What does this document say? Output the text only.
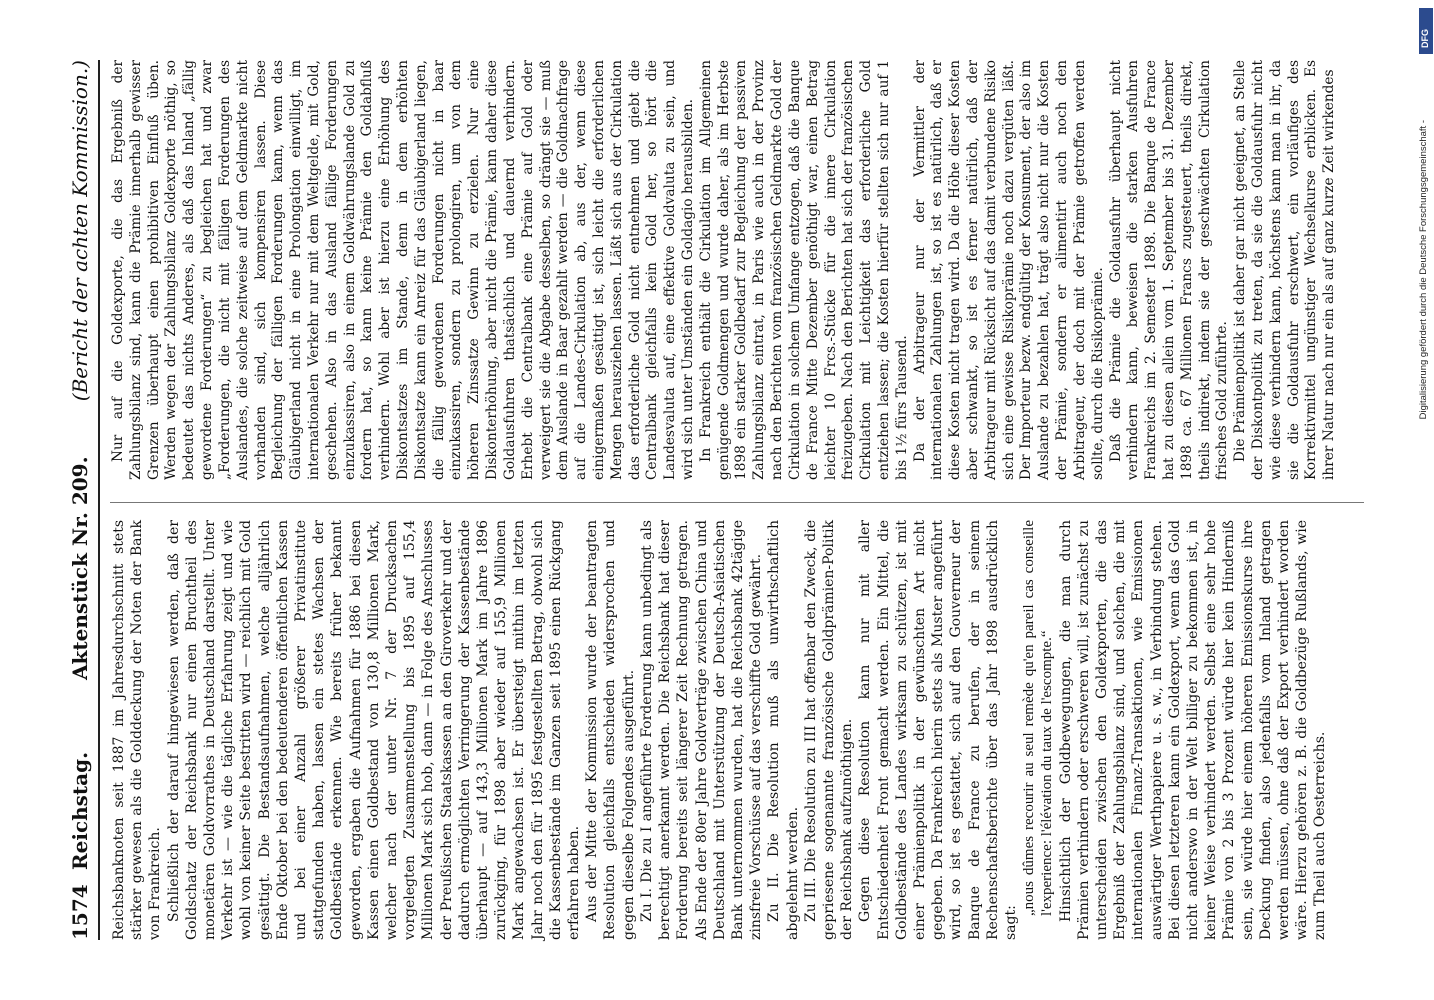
1574
Reichstag.
Aktenstück Nr. 209.
(Bericht der achten Kommission.)

Reichsbanknoten seit 1887 im Jahresdurchschnitt stets stärker gewesen als die Golddeckung der Noten der Bank von Frankreich. Schließlich der darauf hingewiesen werden, daß der Goldschatz der Reichsbank nur einen Bruchtheil des monetären Goldvorrathes in Deutschland darstellt. Unter Verkehr ist — wie die tägliche Erfahrung zeigt und wie wohl von keiner Seite bestritten wird — reichlich mit Gold gesättigt. Die Bestandsaufnahmen, welche alljährlich Ende Oktober bei den bedeutenderen öffentlichen Kassen und bei einer Anzahl größerer Privatinstitute stattgefunden haben, lassen ein stetes Wachsen der Goldbestände erkennen. Wie bereits früher bekannt geworden, ergaben die Aufnahmen für 1886 bei diesen Kassen einen Goldbestand von 130,8 Millionen Mark, welcher nach der unter Nr. 7 der Drucksachen vorgelegten Zusammenstellung bis 1895 auf 155,4 Millionen Mark sich hob, dann — in Folge des Anschlusses der Preußischen Staatskassen an den Giroverkehr und der dadurch ermöglichten Verringerung der Kassenbestände überhaupt — auf 143,3 Millionen Mark im Jahre 1896 zurückging, für 1898 aber wieder auf 155,9 Millionen Mark angewachsen ist. Er übersteigt mithin im letzten Jahr noch den für 1895 festgestellten Betrag, obwohl sich die Kassenbestände im Ganzen seit 1895 einen Rückgang erfahren haben. Aus der Mitte der Kommission wurde der beantragten Resolution gleichfalls entschieden widersprochen und gegen dieselbe Folgendes ausgeführt. Zu I. Die zu I angeführte Forderung kann unbedingt als berechtigt anerkannt werden. Die Reichsbank hat dieser Forderung bereits seit längerer Zeit Rechnung getragen. Als Ende der 80er Jahre Goldverträge zwischen China und Deutschland mit Unterstützung der Deutsch-Asiatischen Bank unternommen wurden, hat die Reichsbank 42tägige zinsfreie Vorschüsse auf das verschiffte Gold gewährt. Zu II. Die Resolution muß als unwirthschaftlich abgelehnt werden. Zu III. Die Resolution zu III hat offenbar den Zweck, die gepriesene sogenannte französische Goldprämien-Politik der Reichsbank aufzunöthigen. Gegen diese Resolution kann nur mit aller Entschiedenheit Front gemacht werden. Ein Mittel, die Goldbestände des Landes wirksam zu schützen, ist mit einer Prämienpolitik in der gewünschten Art nicht gegeben. Da Frankreich hierin stets als Muster angeführt wird, so ist es gestattet, sich auf den Gouverneur der Banque de France zu berufen, der in seinem Rechenschaftsberichte über das Jahr 1898 ausdrücklich sagt:

„nous dûmes recourir au seul remède qu'en pareil cas conseille l'experience: l'élévation du taux de l'escompte.“ Hinsichtlich der Goldbewegungen, die man durch Prämien verhindern oder erschweren will, ist zunächst zu unterscheiden zwischen den Goldexporten, die das Ergebniß der Zahlungsbilanz sind, und solchen, die mit internationalen Finanz-Transaktionen, wie Emissionen auswärtiger Werthpapiere u. s. w., in Verbindung stehen. Bei diesen letzteren kann ein Goldexport, wenn das Gold nicht anderswo in der Welt billiger zu bekommen ist, in keiner Weise verhindert werden. Selbst eine sehr hohe Prämie von 2 bis 3 Prozent würde hier kein Hinderniß sein, sie würde hier einem höheren Emissionskurse ihre Deckung finden, also jedenfalls vom Inland getragen werden müssen, ohne daß der Export verhindert worden wäre. Hierzu gehören z. B. die Goldbezüge Rußlands, wie zum Theil auch Oesterreichs.

Nur auf die Goldexporte, die das Ergebniß der Zahlungsbilanz sind, kann die Prämie innerhalb gewisser Grenzen überhaupt einen prohibitiven Einfluß üben. Werden wegen der Zahlungsbilanz Goldexporte nöthig, so bedeutet das nichts Anderes, als daß das Inland „fällig gewordene Forderungen“ zu begleichen hat und zwar „Forderungen, die nicht mit fälligen Forderungen des Auslandes, die solche zeitweise auf dem Geldmarkte nicht vorhanden sind, sich kompensiren lassen. Diese Begleichung der fälligen Forderungen kann, wenn das Gläubigerland nicht in eine Prolongation einwilligt, im internationalen Verkehr nur mit dem Weltgelde, mit Gold, geschehen. Also in das Ausland fällige Forderungen einzukassiren, also in einem Goldwährungslande Gold zu fordern hat, so kann keine Prämie den Goldabfluß verhindern. Wohl aber ist hierzu eine Erhöhung des Diskontsatzes im Stande, denn in dem erhöhten Diskontsatze kann ein Anreiz für das Gläubigerland liegen, die fällig gewordenen Forderungen nicht in baar einzukassiren, sondern zu prolongiren, um von dem höheren Zinssatze Gewinn zu erzielen. Nur eine Diskonterhöhung, aber nicht die Prämie, kann daher diese Goldausfuhren thatsächlich und dauernd verhindern. Erhebt die Centralbank eine Prämie auf Gold oder verweigert sie die Abgabe desselben, so drängt sie — muß dem Auslande in Baar gezahlt werden — die Goldnachfrage auf die Landes-Cirkulation ab, aus der, wenn diese einigermaßen gesättigt ist, sich leicht die erforderlichen Mengen herausziehen lassen. Läßt sich aus der Cirkulation das erforderliche Gold nicht entnehmen und giebt die Centralbank gleichfalls kein Gold her, so hört die Landesvaluta auf, eine effektive Goldvaluta zu sein, und wird sich unter Umständen ein Goldagio herausbilden. In Frankreich enthält die Cirkulation im Allgemeinen genügende Goldmengen und wurde daher, als im Herbste 1898 ein starker Goldbedarf zur Begleichung der passiven Zahlungsbilanz eintrat, in Paris wie auch in der Provinz nach den Berichten vom französischen Geldmarkte Gold der Cirkulation in solchem Umfange entzogen, daß die Banque de France Mitte Dezember genöthigt war, einen Betrag leichter 10 Frcs.-Stücke für die innere Cirkulation freizugeben. Nach den Berichten hat sich der französischen Cirkulation mit Leichtigkeit das erforderliche Gold entziehen lassen; die Kosten hierfür stellten sich nur auf 1 bis 1½ fürs Tausend. Da der Arbitrageur nur der Vermittler der internationalen Zahlungen ist, so ist es natürlich, daß er diese Kosten nicht tragen wird. Da die Höhe dieser Kosten aber schwankt, so ist es ferner natürlich, daß der Arbitrageur mit Rücksicht auf das damit verbundene Risiko sich eine gewisse Risikoprämie noch dazu vergüten läßt. Der Importeur bezw. endgültig der Konsument, der also im Auslande zu bezahlen hat, trägt also nicht nur die Kosten der Prämie, sondern er alimentirt auch noch den Arbitrageur, der doch mit der Prämie getroffen werden sollte, durch die Risikoprämie. Daß die Prämie die Goldausfuhr überhaupt nicht verhindern kann, beweisen die starken Ausfuhren Frankreichs im 2. Semester 1898. Die Banque de France hat zu diesen allein vom 1. September bis 31. Dezember 1898 ca. 67 Millionen Francs zugesteuert, theils direkt, theils indirekt, indem sie der geschwächten Cirkulation frisches Gold zuführte. Die Prämienpolitik ist daher gar nicht geeignet, an Stelle der Diskontpolitik zu treten, da sie die Goldausfuhr nicht wie diese verhindern kann, höchstens kann man in ihr, da sie die Goldausfuhr erschwert, ein vorläufiges des Korrektivmittel ungünstiger Wechselkurse erblicken. Es ihrer Natur nach nur ein als auf ganz kurze Zeit wirkendes	Digitalisierung gefördert durch die Deutsche Forschungsgemeinschaft -
DFG
